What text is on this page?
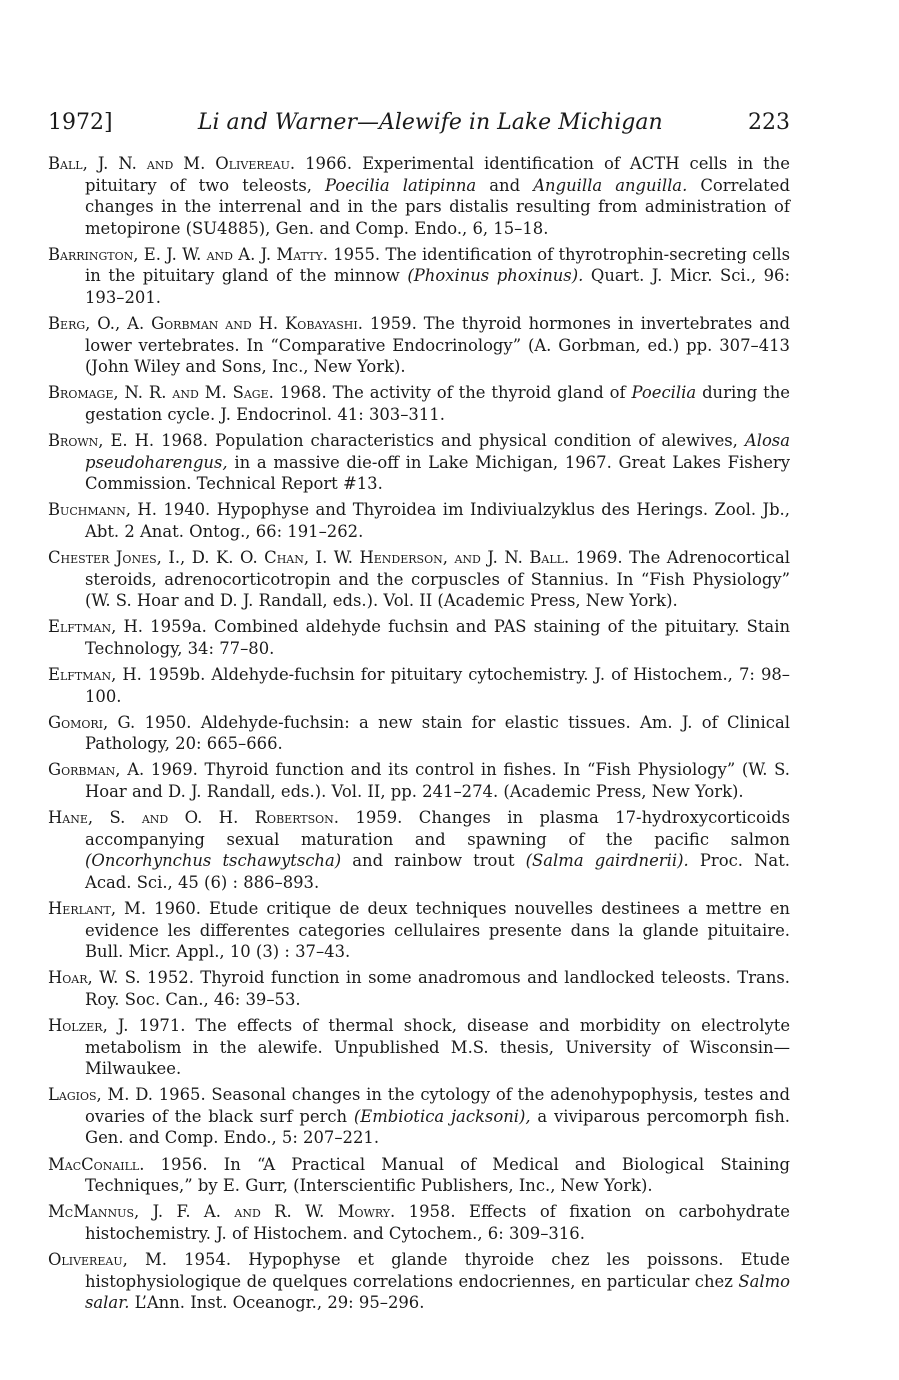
1972]	Li and Warner—Alewife in Lake Michigan	223
Ball, J. N. and M. Olivereau. 1966. Experimental identification of ACTH cells in the pituitary of two teleosts, Poecilia latipinna and Anguilla anguilla. Correlated changes in the interrenal and in the pars distalis resulting from administration of metopirone (SU4885), Gen. and Comp. Endo., 6, 15–18.
Barrington, E. J. W. and A. J. Matty. 1955. The identification of thyrotrophin-secreting cells in the pituitary gland of the minnow (Phoxinus phoxinus). Quart. J. Micr. Sci., 96: 193–201.
Berg, O., A. Gorbman and H. Kobayashi. 1959. The thyroid hormones in invertebrates and lower vertebrates. In “Comparative Endocrinology” (A. Gorbman, ed.) pp. 307–413 (John Wiley and Sons, Inc., New York).
Bromage, N. R. and M. Sage. 1968. The activity of the thyroid gland of Poecilia during the gestation cycle. J. Endocrinol. 41: 303–311.
Brown, E. H. 1968. Population characteristics and physical condition of alewives, Alosa pseudoharengus, in a massive die-off in Lake Michigan, 1967. Great Lakes Fishery Commission. Technical Report #13.
Buchmann, H. 1940. Hypophyse and Thyroidea im Indiviualzyklus des Herings. Zool. Jb., Abt. 2 Anat. Ontog., 66: 191–262.
Chester Jones, I., D. K. O. Chan, I. W. Henderson, and J. N. Ball. 1969. The Adrenocortical steroids, adrenocorticotropin and the corpuscles of Stannius. In “Fish Physiology” (W. S. Hoar and D. J. Randall, eds.). Vol. II (Academic Press, New York).
Elftman, H. 1959a. Combined aldehyde fuchsin and PAS staining of the pituitary. Stain Technology, 34: 77–80.
Elftman, H. 1959b. Aldehyde-fuchsin for pituitary cytochemistry. J. of Histochem., 7: 98–100.
Gomori, G. 1950. Aldehyde-fuchsin: a new stain for elastic tissues. Am. J. of Clinical Pathology, 20: 665–666.
Gorbman, A. 1969. Thyroid function and its control in fishes. In “Fish Physiology” (W. S. Hoar and D. J. Randall, eds.). Vol. II, pp. 241–274. (Academic Press, New York).
Hane, S. and O. H. Robertson. 1959. Changes in plasma 17-hydroxycorticoids accompanying sexual maturation and spawning of the pacific salmon (Oncorhynchus tschawytscha) and rainbow trout (Salma gairdnerii). Proc. Nat. Acad. Sci., 45 (6) : 886–893.
Herlant, M. 1960. Etude critique de deux techniques nouvelles destinees a mettre en evidence les differentes categories cellulaires presente dans la glande pituitaire. Bull. Micr. Appl., 10 (3) : 37–43.
Hoar, W. S. 1952. Thyroid function in some anadromous and landlocked teleosts. Trans. Roy. Soc. Can., 46: 39–53.
Holzer, J. 1971. The effects of thermal shock, disease and morbidity on electrolyte metabolism in the alewife. Unpublished M.S. thesis, University of Wisconsin—Milwaukee.
Lagios, M. D. 1965. Seasonal changes in the cytology of the adenohypophysis, testes and ovaries of the black surf perch (Embiotica jacksoni), a viviparous percomorph fish. Gen. and Comp. Endo., 5: 207–221.
MacConaill. 1956. In “A Practical Manual of Medical and Biological Staining Techniques,” by E. Gurr, (Interscientific Publishers, Inc., New York).
McMannus, J. F. A. and R. W. Mowry. 1958. Effects of fixation on carbohydrate histochemistry. J. of Histochem. and Cytochem., 6: 309–316.
Olivereau, M. 1954. Hypophyse et glande thyroide chez les poissons. Etude histophysiologique de quelques correlations endocriennes, en particular chez Salmo salar. L’Ann. Inst. Oceanogr., 29: 95–296.
